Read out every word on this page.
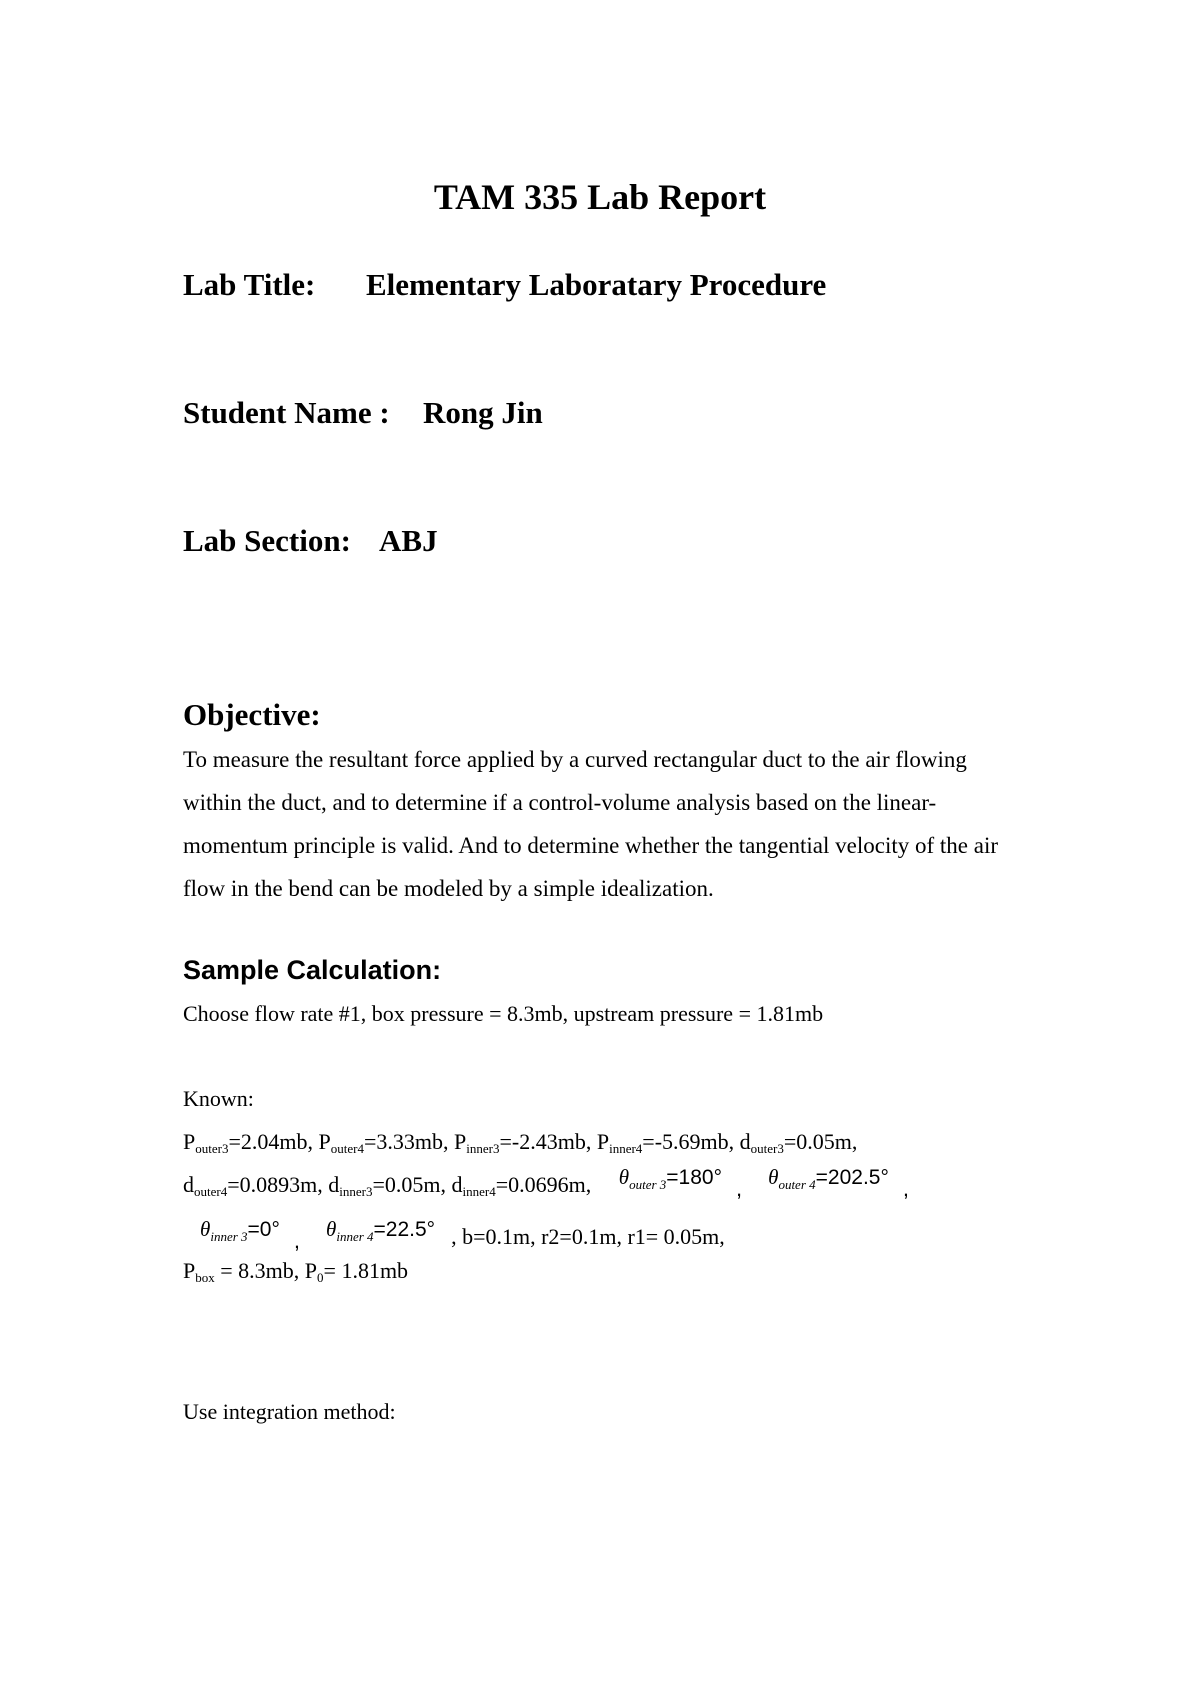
TAM 335 Lab Report
Lab Title: Elementary Laboratary Procedure
Student Name : Rong Jin
Lab Section: ABJ
Objective:
To measure the resultant force applied by a curved rectangular duct to the air flowing within the duct, and to determine if a control-volume analysis based on the linear-momentum principle is valid. And to determine whether the tangential velocity of the air flow in the bend can be modeled by a simple idealization.
Sample Calculation:
Choose flow rate #1, box pressure = 8.3mb, upstream pressure = 1.81mb
Known:
$P_{outer3}=2.04mb$, $P_{outer4}=3.33mb$, $P_{inner3}=-2.43mb$, $P_{inner4}=-5.69mb$, $d_{outer3}=0.05m$,
$d_{outer4}=0.0893m$, $d_{inner3}=0.05m$, $d_{inner4}=0.0696m$, $\theta_{outer 3}=180^\circ$ , $\theta_{outer 4}=202.5^\circ$ ,
$\theta_{inner 3}=0^\circ$ , $\theta_{inner 4}=22.5^\circ$ , b=0.1m, r2=0.1m, r1= 0.05m,
$P_{box} = 8.3mb$, $P_0= 1.81mb$
Use integration method:
